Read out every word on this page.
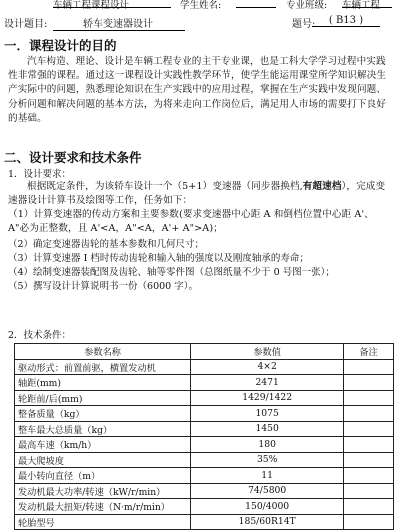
车辆工程课程设计	学生姓名:	专业班级: 车辆工程
设计题目:	轿车变速器设计	题号:	( B13 )
一．课程设计的目的
汽车构造、理论、设计是车辆工程专业的主干专业课，也是工科大学学习过程中实践性非常强的课程。通过这一课程设计实践性教学环节，使学生能运用课堂所学知识解决生产实际中的问题，熟悉理论知识在生产实践中的应用过程，掌握在生产实践中发现问题、分析问题和解决问题的基本方法，为将来走向工作岗位后，满足用人市场的需要打下良好的基础。
二、设计要求和技术条件
1．设计要求：
根据既定条件，为该轿车设计一个（5+1）变速器（同步器换档,有超速档），完成变速器设计计算书及绘图等工作，任务如下：
（1）计算变速器的传动方案和主要参数(要求变速器中心距 A 和倒档位置中心距 A'、A"必为正整数，且 A'<A，A"<A，A'+ A">A)；
（2）确定变速器齿轮的基本参数和几何尺寸；
（3）计算变速器 I 档时传动齿轮和输入轴的强度以及刚度轴承的寿命；
（4）绘制变速器装配图及齿轮、轴等零件图（总图纸量不少于 0 号图一张）；
（5）撰写设计计算说明书一份（6000 字）。
2．技术条件：
参数名称	参数值	备注
驱动形式：前置前驱，横置发动机	4×2	
轴距(mm)	2471	
轮距前/后(mm)	1429/1422	
整备质量（kg）	1075	
整车最大总质量（kg）	1450	
最高车速（km/h）	180	
最大爬坡度	35%	
最小转向直径（m）	11	
发动机最大功率/转速（kW/r/min）	74/5800	
发动机最大扭矩/转速（N·m/r/min）	150/4000	
轮胎型号	185/60R14T	
